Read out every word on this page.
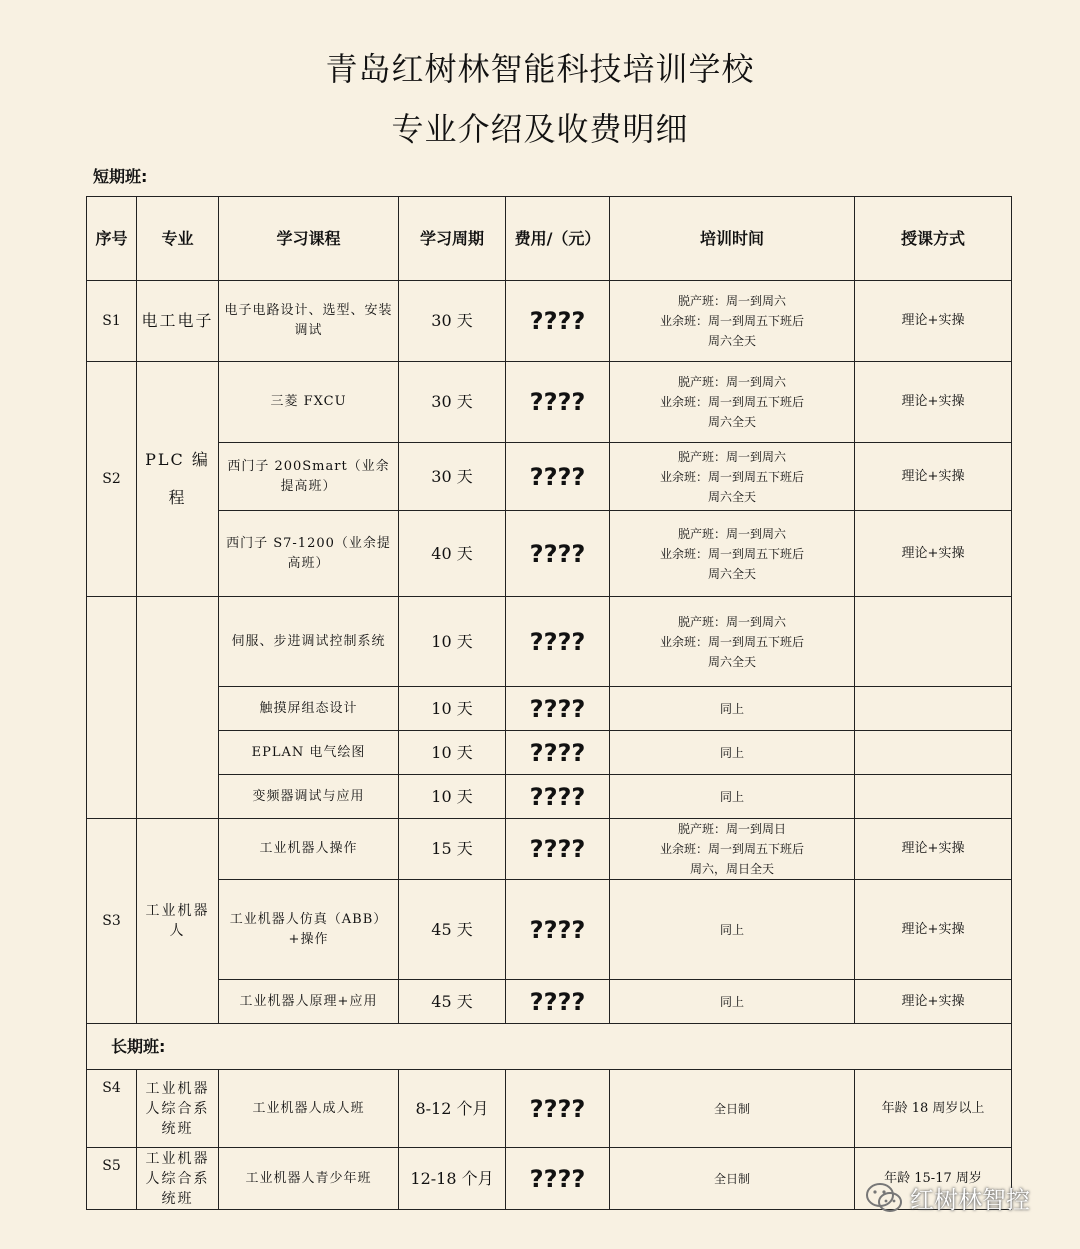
青岛红树林智能科技培训学校
专业介绍及收费明细
短期班:
序号	专业	学习课程	学习周期	费用/（元）	培训时间	授课方式
S1	电工电子	电子电路设计、选型、安装调试	30 天	????	脱产班：周一到周六
业余班：周一到周五下班后
周六全天	理论+实操
S2	PLC 编程	三菱 FXCU	30 天	????	脱产班：周一到周六
业余班：周一到周五下班后
周六全天	理论+实操
		西门子 200Smart（业余提高班）	30 天	????	脱产班：周一到周六
业余班：周一到周五下班后
周六全天	理论+实操
		西门子 S7-1200（业余提高班）	40 天	????	脱产班：周一到周六
业余班：周一到周五下班后
周六全天	理论+实操
		伺服、步进调试控制系统	10 天	????	脱产班：周一到周六
业余班：周一到周五下班后
周六全天	

		触摸屏组态设计	10 天	????	同上	
		EPLAN 电气绘图	10 天	????	同上	
		变频器调试与应用	10 天	????	同上	
S3	工业机器人	工业机器人操作	15 天	????	脱产班：周一到周日
业余班：周一到周五下班后
周六，周日全天	理论+实操
		工业机器人仿真（ABB）+操作	45 天	????	同上	理论+实操
		工业机器人原理+应用	45 天	????	同上	理论+实操
长期班:						
S4	工业机器人综合系统班	工业机器人成人班	8-12 个月	????	全日制	年龄 18 周岁以上
S5	工业机器人综合系统班	工业机器人青少年班	12-18 个月	????	全日制	年龄 15-17 周岁
红树林智控
